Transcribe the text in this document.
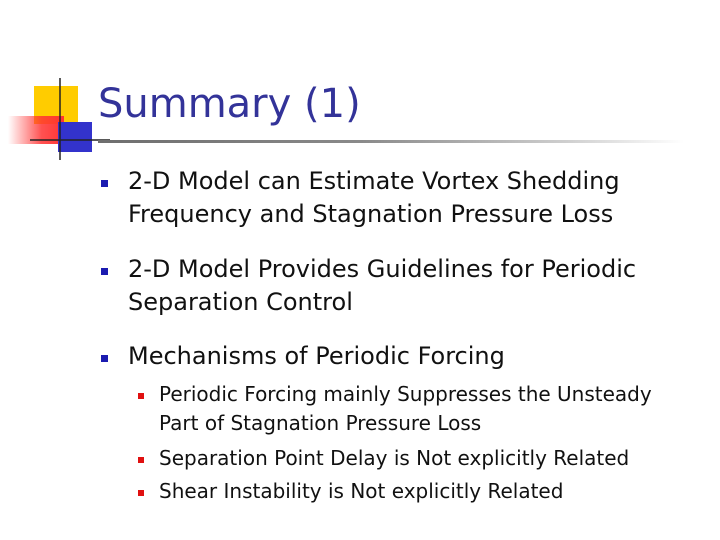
Summary (1)
2-D Model can Estimate Vortex Shedding
Frequency and Stagnation Pressure Loss
2-D Model Provides Guidelines for Periodic
Separation Control
Mechanisms of Periodic Forcing
Periodic Forcing mainly Suppresses the Unsteady
Part of Stagnation Pressure Loss
Separation Point Delay is Not explicitly Related
Shear Instability is Not explicitly Related
